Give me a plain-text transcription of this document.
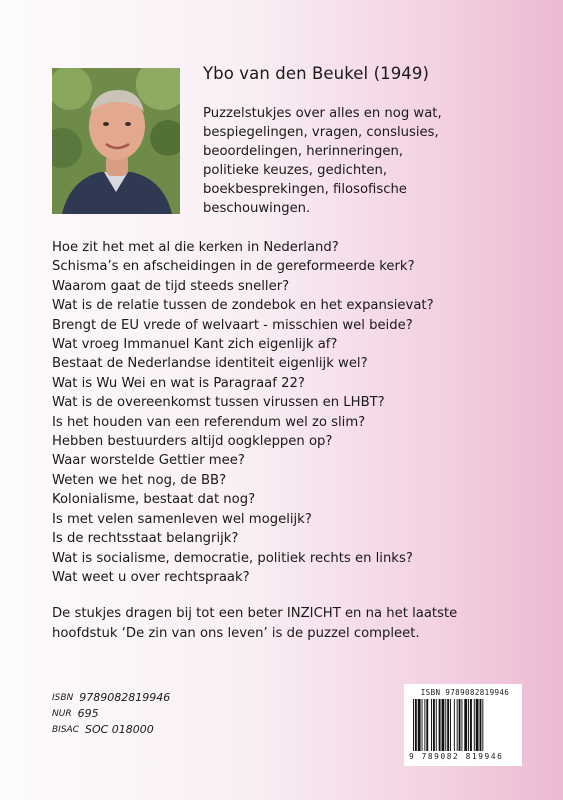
Ybo van den Beukel (1949)
Puzzelstukjes over alles en nog wat,
bespiegelingen, vragen, conslusies,
beoordelingen, herinneringen,
politieke keuzes, gedichten,
boekbesprekingen, filosofische
beschouwingen.
Hoe zit het met al die kerken in Nederland?
Schisma’s en afscheidingen in de gereformeerde kerk?
Waarom gaat de tijd steeds sneller?
Wat is de relatie tussen de zondebok en het expansievat?
Brengt de EU vrede of welvaart - misschien wel beide?
Wat vroeg Immanuel Kant zich eigenlijk af?
Bestaat de Nederlandse identiteit eigenlijk wel?
Wat is Wu Wei en wat is Paragraaf 22?
Wat is de overeenkomst tussen virussen en LHBT?
Is het houden van een referendum wel zo slim?
Hebben bestuurders altijd oogkleppen op?
Waar worstelde Gettier mee?
Weten we het nog, de BB?
Kolonialisme, bestaat dat nog?
Is met velen samenleven wel mogelijk?
Is de rechtsstaat belangrijk?
Wat is socialisme, democratie, politiek rechts en links?
Wat weet u over rechtspraak?
De stukjes dragen bij tot een beter INZICHT en na het laatste
hoofdstuk ‘De zin van ons leven’ is de puzzel compleet.
ISBN 9789082819946
NUR 695
BISAC SOC 018000
ISBN 9789082819946
9 789082 819946
